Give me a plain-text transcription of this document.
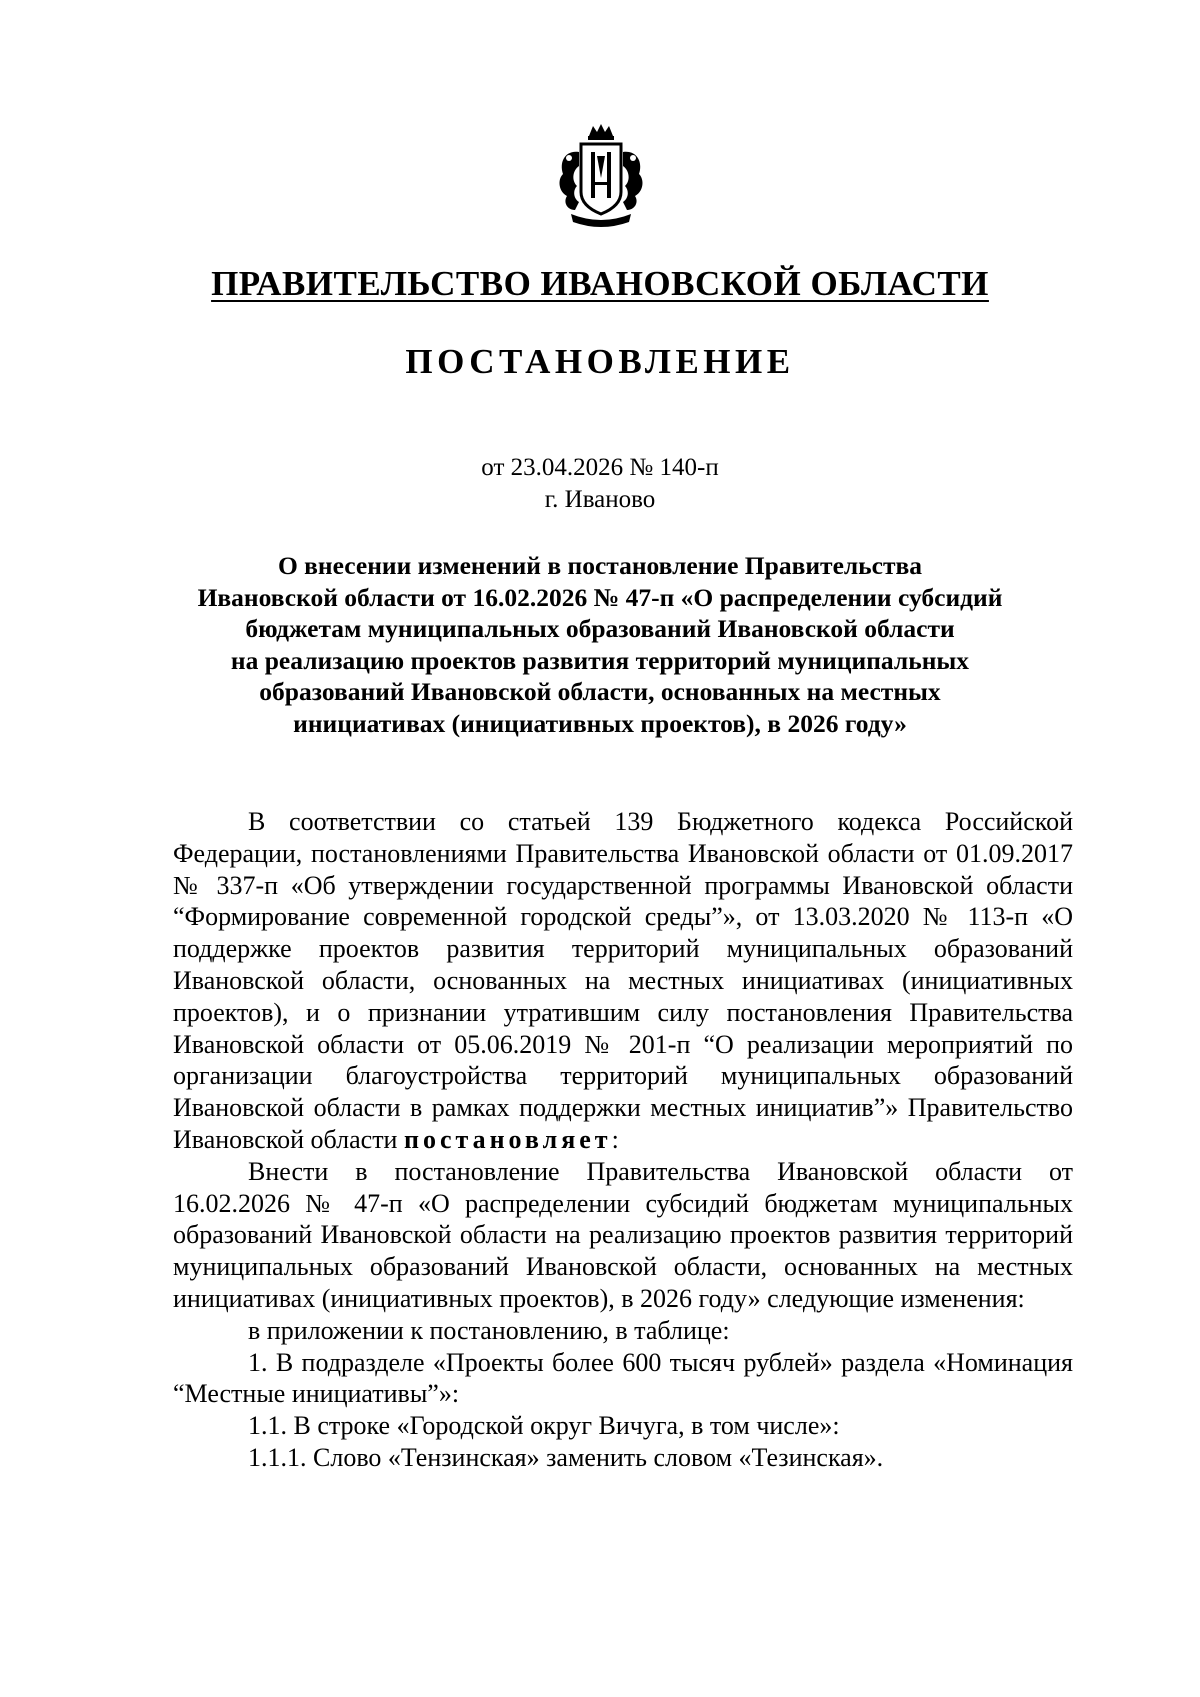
ПРАВИТЕЛЬСТВО ИВАНОВСКОЙ ОБЛАСТИ
ПОСТАНОВЛЕНИЕ
от 23.04.2026 № 140-п
г. Иваново
О внесении изменений в постановление Правительства
Ивановской области от 16.02.2026 № 47-п «О распределении субсидий
бюджетам муниципальных образований Ивановской области
на реализацию проектов развития территорий муниципальных
образований Ивановской области, основанных на местных
инициативах (инициативных проектов), в 2026 году»

В соответствии со статьей 139 Бюджетного кодекса Российской Федерации, постановлениями Правительства Ивановской области от 01.09.2017 № 337-п «Об утверждении государственной программы Ивановской области “Формирование современной городской среды”», от 13.03.2020 № 113-п «О поддержке проектов развития территорий муниципальных образований Ивановской области, основанных на местных инициативах (инициативных проектов), и о признании утратившим силу постановления Правительства Ивановской области от 05.06.2019 № 201-п “О реализации мероприятий по организации благоустройства территорий муниципальных образований Ивановской области в рамках поддержки местных инициатив”» Правительство Ивановской области постановляет:

Внести в постановление Правительства Ивановской области от 16.02.2026 № 47-п «О распределении субсидий бюджетам муниципальных образований Ивановской области на реализацию проектов развития территорий муниципальных образований Ивановской области, основанных на местных инициативах (инициативных проектов), в 2026 году» следующие изменения:

в приложении к постановлению, в таблице:

1. В подразделе «Проекты более 600 тысяч рублей» раздела «Номинация “Местные инициативы”»:

1.1. В строке «Городской округ Вичуга, в том числе»:

1.1.1. Слово «Тензинская» заменить словом «Тезинская».
